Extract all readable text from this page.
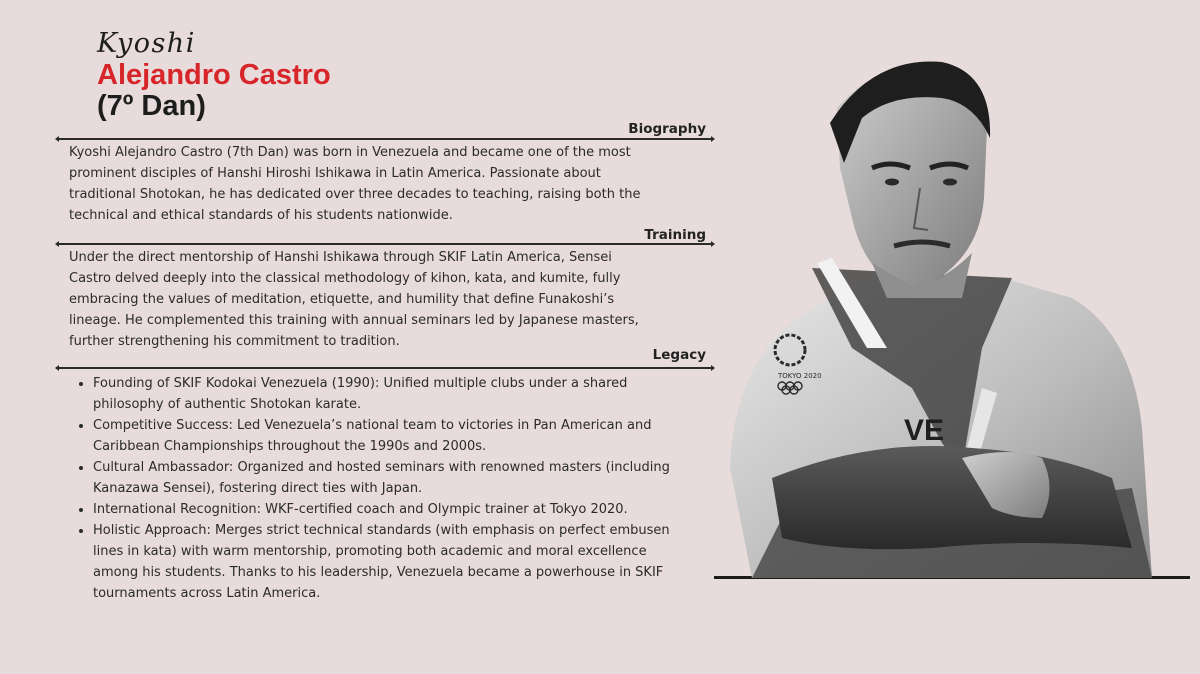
Kyoshi
Alejandro Castro
(7º Dan)
Biography

Kyoshi Alejandro Castro (7th Dan) was born in Venezuela and became one of the most prominent disciples of Hanshi Hiroshi Ishikawa in Latin America. Passionate about traditional Shotokan, he has dedicated over three decades to teaching, raising both the technical and ethical standards of his students nationwide.

Training

Under the direct mentorship of Hanshi Ishikawa through SKIF Latin America, Sensei Castro delved deeply into the classical methodology of kihon, kata, and kumite, fully embracing the values of meditation, etiquette, and humility that define Funakoshi’s lineage. He complemented this training with annual seminars led by Japanese masters, further strengthening his commitment to tradition.

Legacy
• Founding of SKIF Kodokai Venezuela (1990): Unified multiple clubs under a shared philosophy of authentic Shotokan karate.
• Competitive Success: Led Venezuela’s national team to victories in Pan American and Caribbean Championships throughout the 1990s and 2000s.
• Cultural Ambassador: Organized and hosted seminars with renowned masters (including Kanazawa Sensei), fostering direct ties with Japan.
• International Recognition: WKF-certified coach and Olympic trainer at Tokyo 2020.
• Holistic Approach: Merges strict technical standards (with emphasis on perfect embusen lines in kata) with warm mentorship, promoting both academic and moral excellence among his students. Thanks to his leadership, Venezuela became a powerhouse in SKIF tournaments across Latin America.
TOKYO 2020
VE
